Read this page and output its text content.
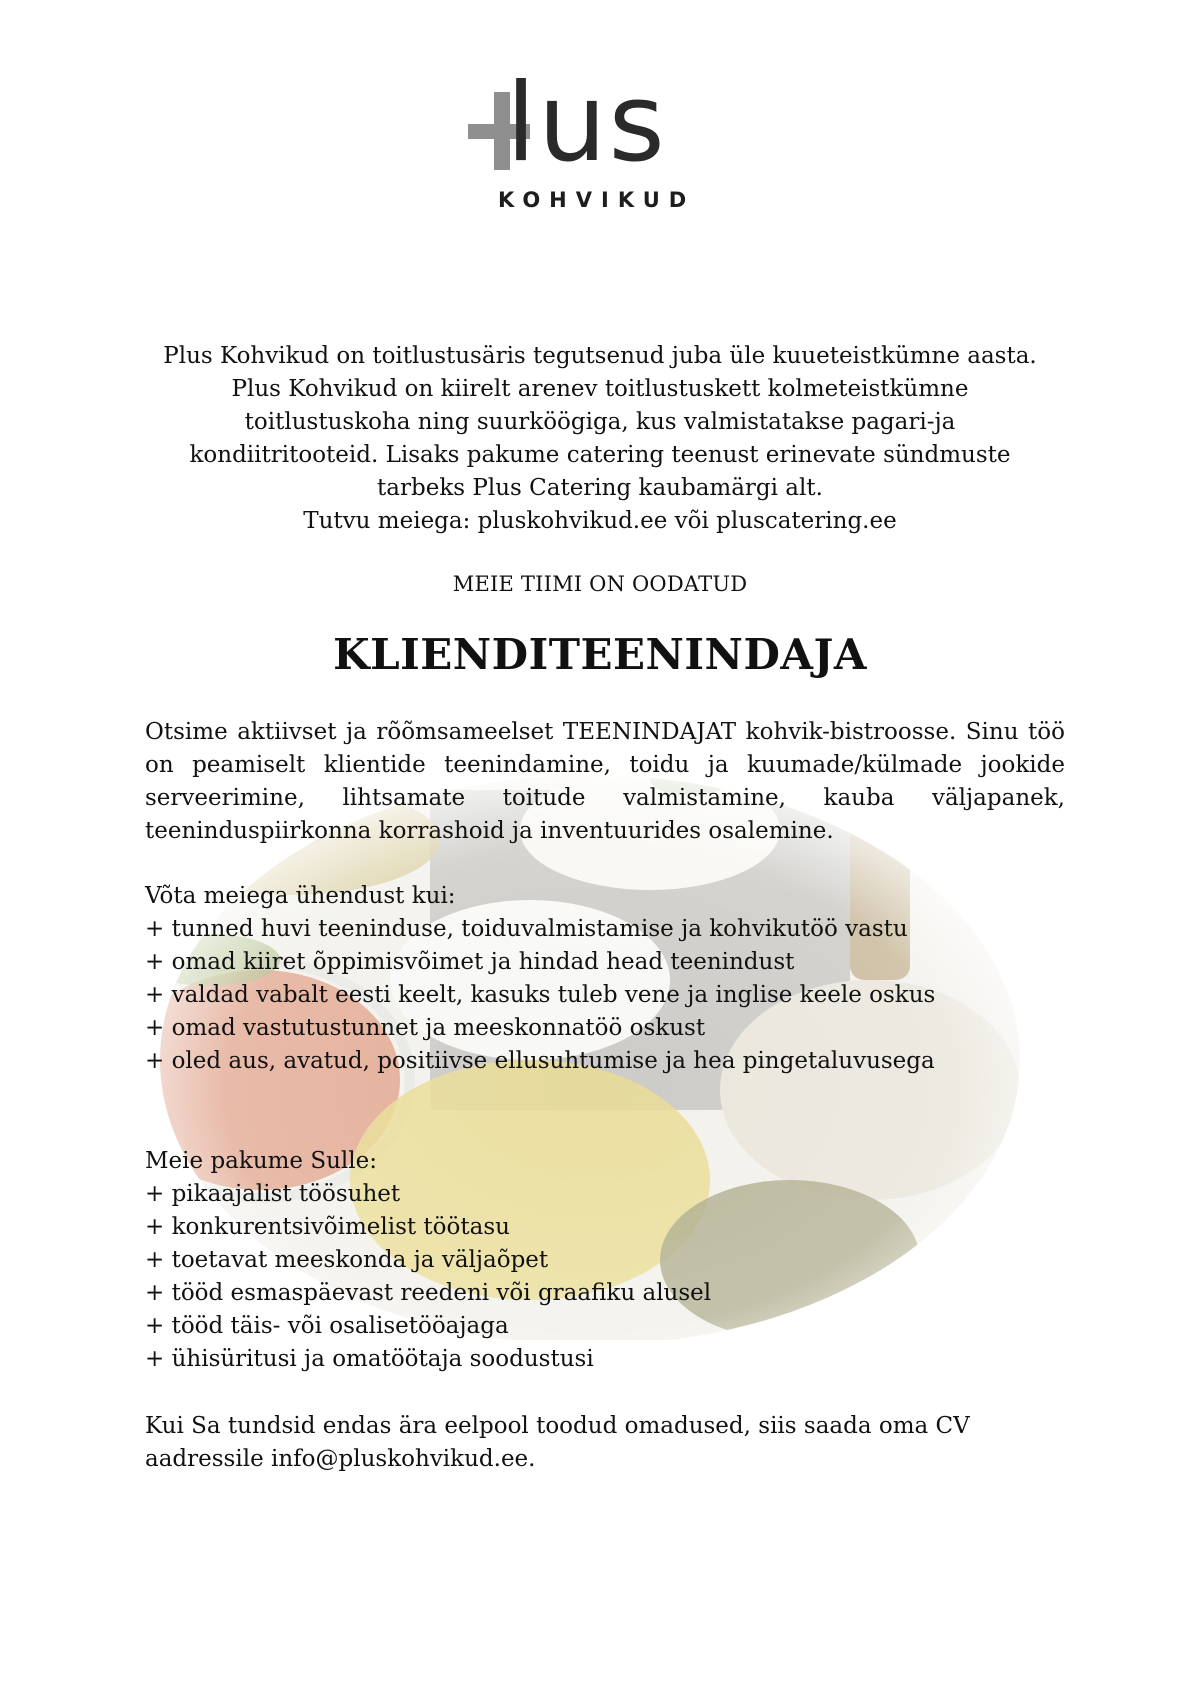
lus
KOHVIKUD

Plus Kohvikud on toitlustusäris tegutsenud juba üle kuueteistkümne aasta.

Plus Kohvikud on kiirelt arenev toitlustuskett kolmeteistkümne

toitlustuskoha ning suurköögiga, kus valmistatakse pagari-ja

kondiitritooteid. Lisaks pakume catering teenust erinevate sündmuste

tarbeks Plus Catering kaubamärgi alt.

Tutvu meiega: pluskohvikud.ee või pluscatering.ee

MEIE TIIMI ON OODATUD

KLIENDITEENINDAJA

Otsime aktiivset ja rõõmsameelset TEENINDAJAT kohvik-bistroosse. Sinu töö on peamiselt klientide teenindamine, toidu ja kuumade/külmade jookide serveerimine, lihtsamate toitude valmistamine, kauba väljapanek, teeninduspiirkonna korrashoid ja inventuurides osalemine.

Võta meiega ühendust kui:

+ tunned huvi teeninduse, toiduvalmistamise ja kohvikutöö vastu
+ omad kiiret õppimisvõimet ja hindad head teenindust
+ valdad vabalt eesti keelt, kasuks tuleb vene ja inglise keele oskus
+ omad vastutustunnet ja meeskonnatöö oskust
+ oled aus, avatud, positiivse ellusuhtumise ja hea pingetaluvusega

Meie pakume Sulle:

+ pikaajalist töösuhet
+ konkurentsivõimelist töötasu
+ toetavat meeskonda ja väljaõpet
+ tööd esmaspäevast reedeni või graafiku alusel
+ tööd täis- või osalisetööajaga
+ ühisüritusi ja omatöötaja soodustusi

Kui Sa tundsid endas ära eelpool toodud omadused, siis saada oma CV

aadressile info@pluskohvikud.ee.
